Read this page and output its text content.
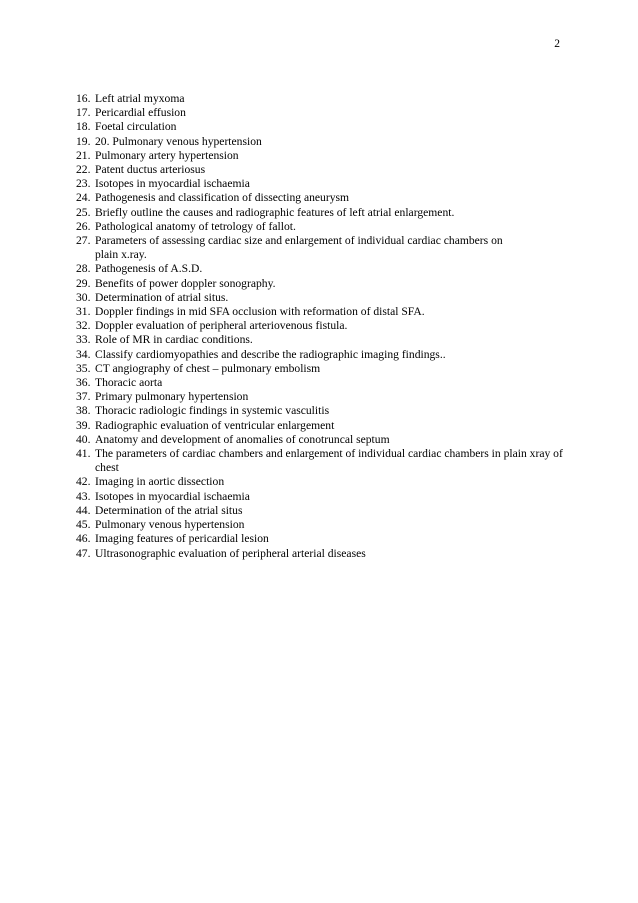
2
16. Left atrial myxoma
17. Pericardial effusion
18. Foetal circulation
19. 20. Pulmonary venous hypertension
21. Pulmonary artery hypertension
22. Patent ductus arteriosus
23. Isotopes in myocardial ischaemia
24. Pathogenesis and classification of dissecting aneurysm
25. Briefly outline the causes and radiographic features of left atrial enlargement.
26. Pathological anatomy of tetrology of fallot.
27. Parameters of assessing cardiac size and enlargement of individual cardiac chambers on plain x.ray.
28. Pathogenesis of A.S.D.
29. Benefits of power doppler sonography.
30. Determination of atrial situs.
31. Doppler findings in mid SFA occlusion with reformation of distal SFA.
32. Doppler evaluation of peripheral arteriovenous fistula.
33. Role of MR in cardiac conditions.
34. Classify cardiomyopathies and describe the radiographic imaging findings..
35. CT angiography of chest – pulmonary embolism
36. Thoracic aorta
37. Primary pulmonary hypertension
38. Thoracic radiologic findings in systemic vasculitis
39. Radiographic evaluation of ventricular enlargement
40. Anatomy and development of anomalies of conotruncal septum
41. The parameters of cardiac chambers and enlargement of individual cardiac chambers in plain xray of chest
42. Imaging in aortic dissection
43. Isotopes in myocardial ischaemia
44. Determination of the atrial situs
45. Pulmonary venous hypertension
46. Imaging features of pericardial lesion
47. Ultrasonographic evaluation of peripheral arterial diseases
